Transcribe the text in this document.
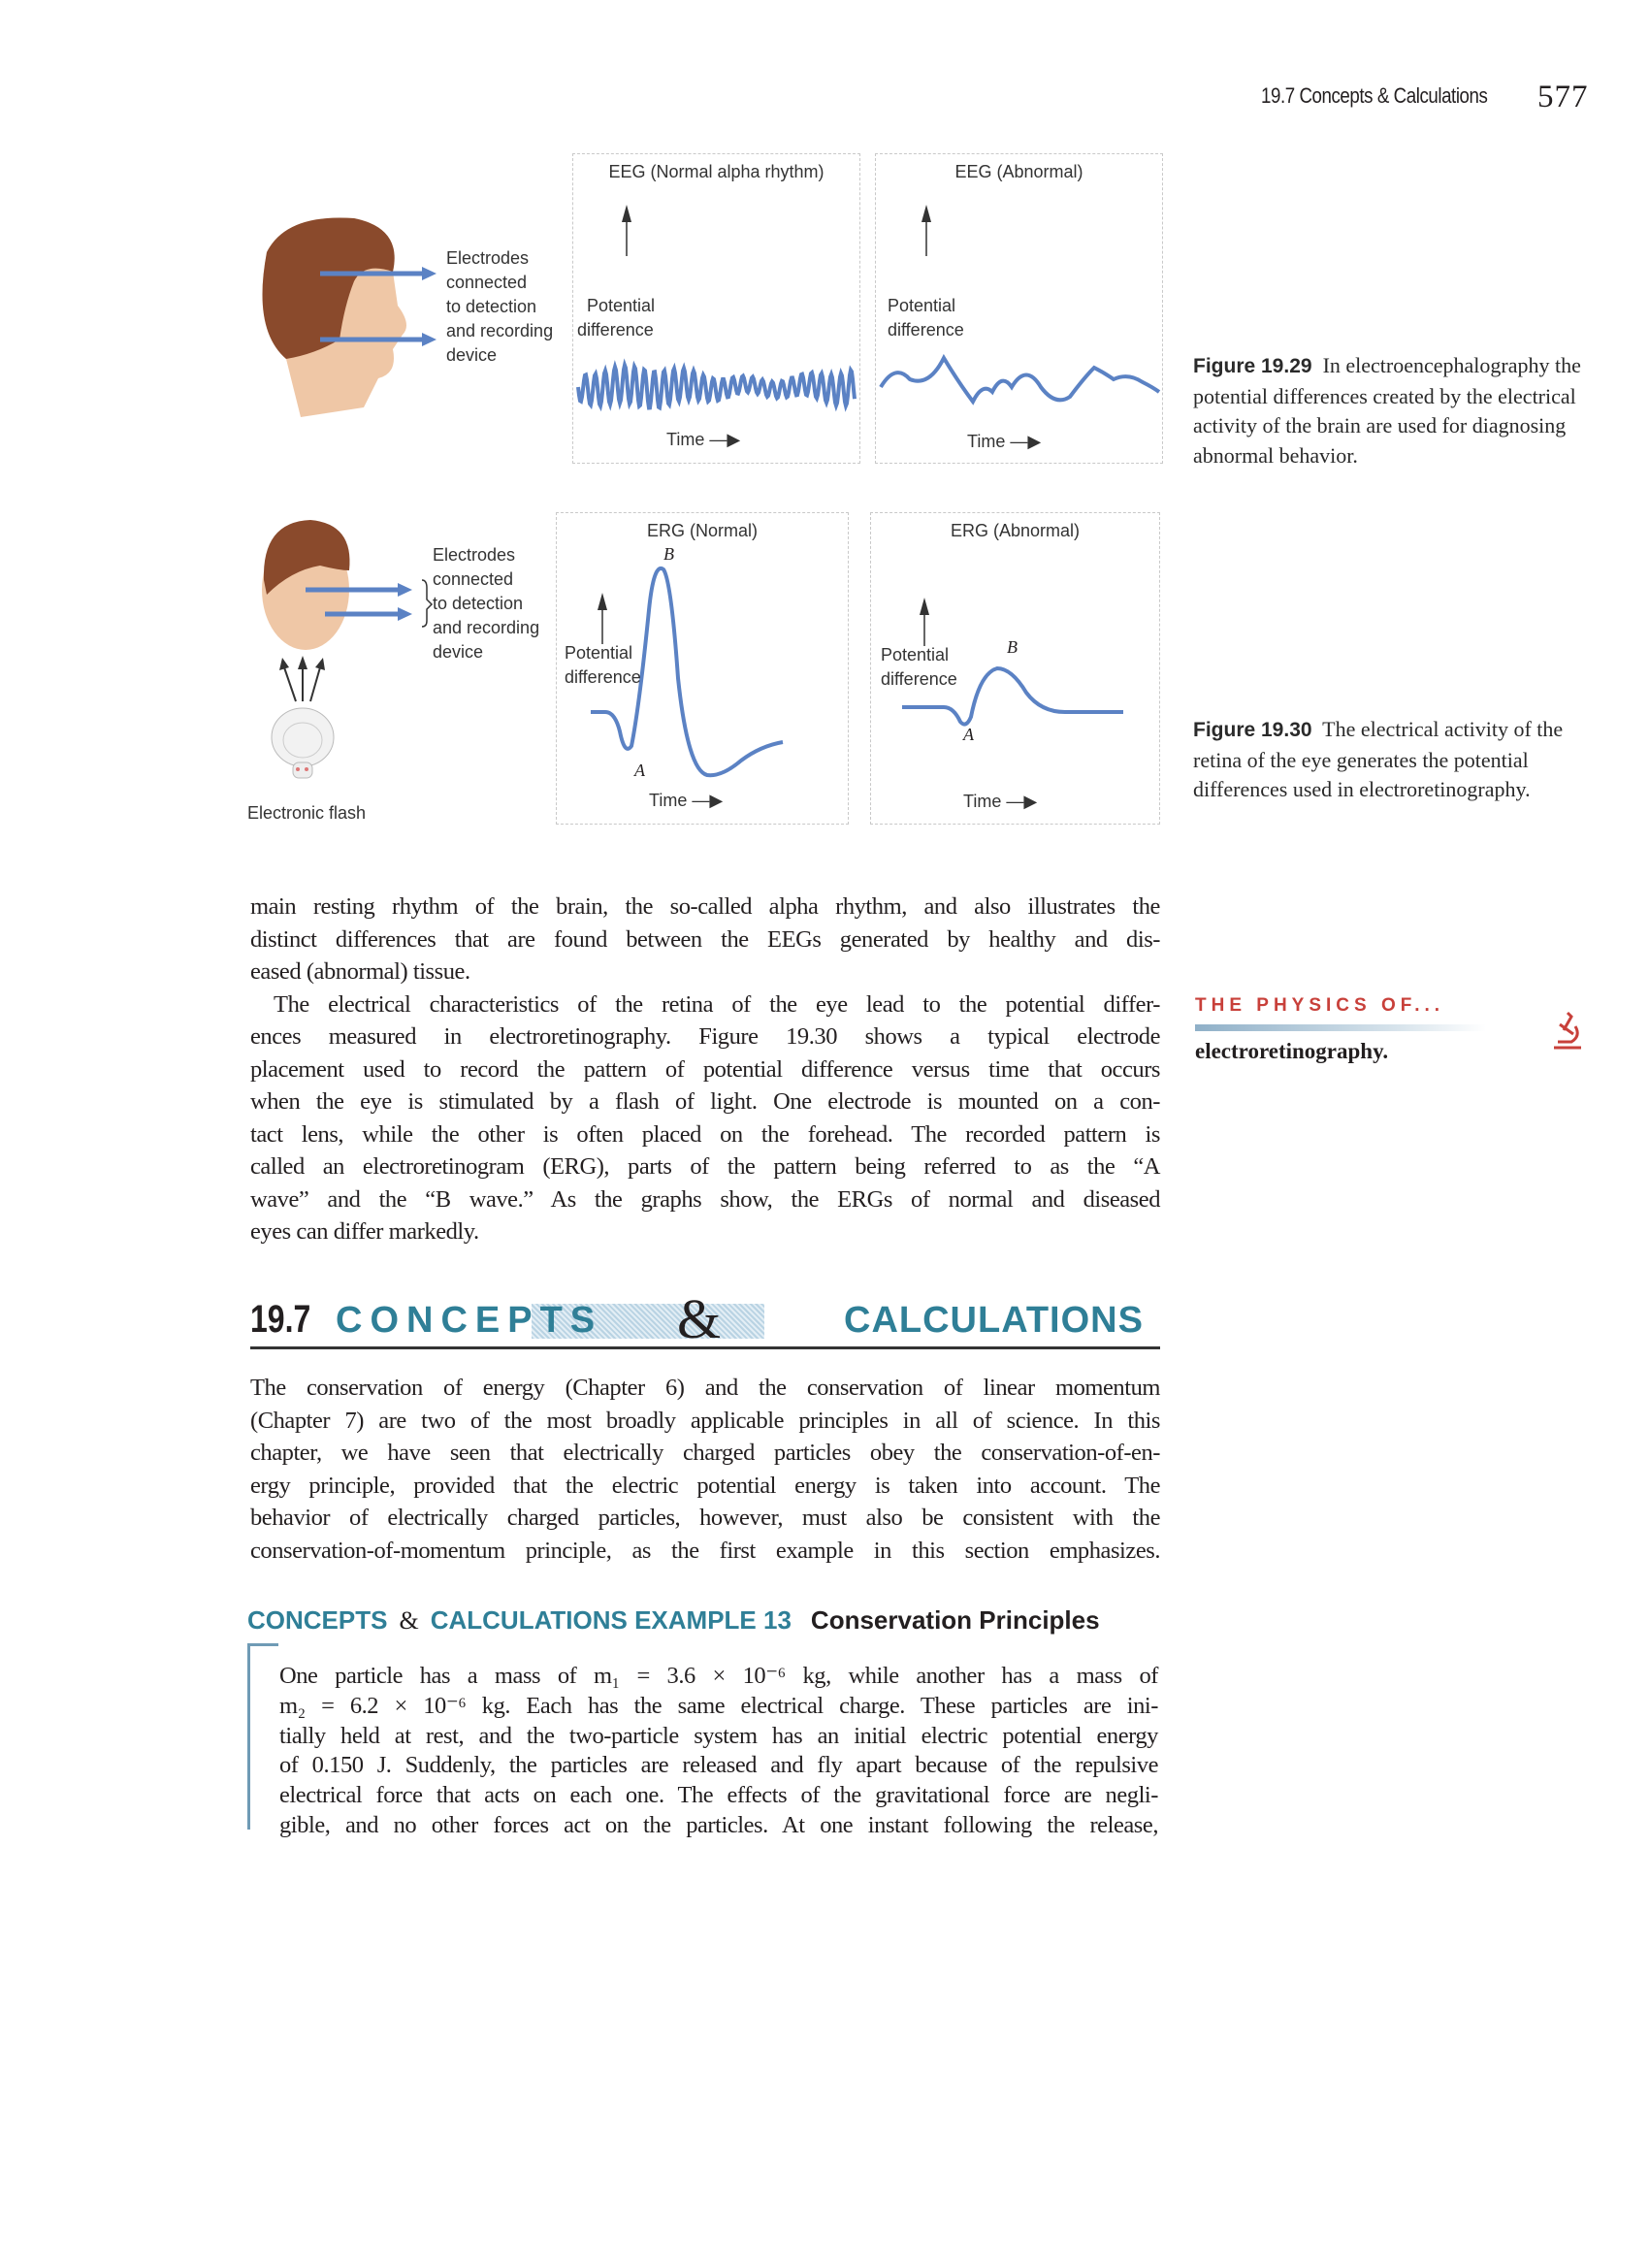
19.7 Concepts & Calculations 577
Electrodes
connected
to detection
and recording
device
EEG (Normal alpha rhythm)
Potential
difference
Time —▶
EEG (Abnormal)
Potential
difference
Time —▶
Figure 19.29 In electroencephalography the potential differences created by the electrical activity of the brain are used for diagnosing abnormal behavior.
Electrodes
connected
to detection
and recording
device
Electronic flash
ERG (Normal)
B
A
Potential
difference
Time —▶
ERG (Abnormal)
B
A
Potential
difference
Time —▶
Figure 19.30 The electrical activity of the retina of the eye generates the potential differences used in electroretinography.
main resting rhythm of the brain, the so-called alpha rhythm, and also illustrates the
distinct differences that are found between the EEGs generated by healthy and dis-
eased (abnormal) tissue.
 The electrical characteristics of the retina of the eye lead to the potential differ-
ences measured in electroretinography. Figure 19.30 shows a typical electrode
placement used to record the pattern of potential difference versus time that occurs
when the eye is stimulated by a flash of light. One electrode is mounted on a con-
tact lens, while the other is often placed on the forehead. The recorded pattern is
called an electroretinogram (ERG), parts of the pattern being referred to as the “A
wave” and the “B wave.” As the graphs show, the ERGs of normal and diseased
eyes can differ markedly.
THE PHYSICS OF...
electroretinography.
19.7 CONCEPTS &	CALCULATIONS
The conservation of energy (Chapter 6) and the conservation of linear momentum
(Chapter 7) are two of the most broadly applicable principles in all of science. In this
chapter, we have seen that electrically charged particles obey the conservation-of-en-
ergy principle, provided that the electric potential energy is taken into account. The
behavior of electrically charged particles, however, must also be consistent with the
conservation-of-momentum principle, as the first example in this section emphasizes.
CONCEPTS & CALCULATIONS EXAMPLE 13 Conservation Principles
One particle has a mass of m₁ = 3.6 × 10⁻⁶ kg, while another has a mass of
m₂ = 6.2 × 10⁻⁶ kg. Each has the same electrical charge. These particles are ini-
tially held at rest, and the two-particle system has an initial electric potential energy
of 0.150 J. Suddenly, the particles are released and fly apart because of the repulsive
electrical force that acts on each one. The effects of the gravitational force are negli-
gible, and no other forces act on the particles. At one instant following the release,
